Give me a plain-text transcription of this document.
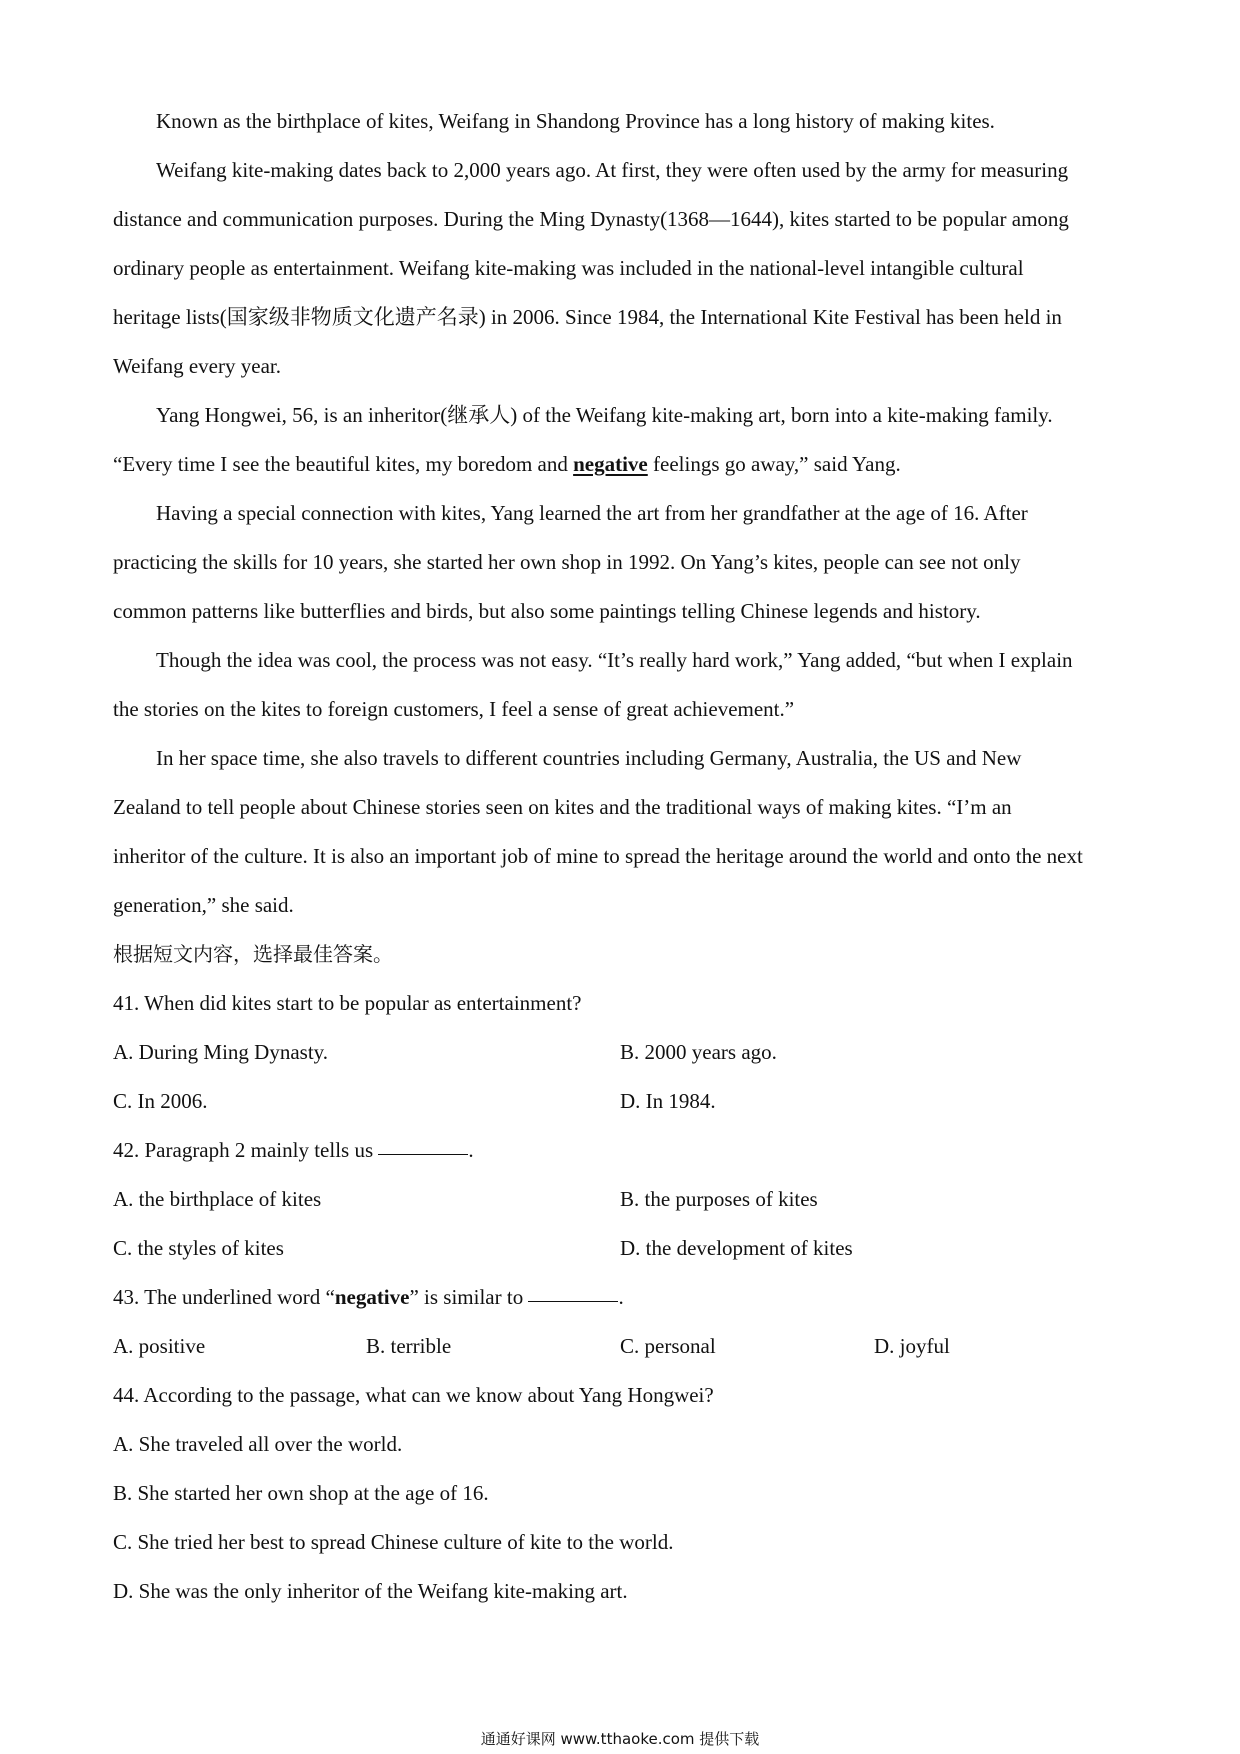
Known as the birthplace of kites, Weifang in Shandong Province has a long history of making kites.
Weifang kite-making dates back to 2,000 years ago. At first, they were often used by the army for measuring
distance and communication purposes. During the Ming Dynasty(1368—1644), kites started to be popular among
ordinary people as entertainment. Weifang kite-making was included in the national-level intangible cultural
heritage lists(国家级非物质文化遗产名录) in 2006. Since 1984, the International Kite Festival has been held in
Weifang every year.
Yang Hongwei, 56, is an inheritor(继承人) of the Weifang kite-making art, born into a kite-making family.
“Every time I see the beautiful kites, my boredom and negative feelings go away,” said Yang.
Having a special connection with kites, Yang learned the art from her grandfather at the age of 16. After
practicing the skills for 10 years, she started her own shop in 1992. On Yang’s kites, people can see not only
common patterns like butterflies and birds, but also some paintings telling Chinese legends and history.
Though the idea was cool, the process was not easy. “It’s really hard work,” Yang added, “but when I explain
the stories on the kites to foreign customers, I feel a sense of great achievement.”
In her space time, she also travels to different countries including Germany, Australia, the US and New
Zealand to tell people about Chinese stories seen on kites and the traditional ways of making kites. “I’m an
inheritor of the culture. It is also an important job of mine to spread the heritage around the world and onto the next
generation,” she said.
根据短文内容，选择最佳答案。
41. When did kites start to be popular as entertainment?
A. During Ming Dynasty.	B. 2000 years ago.
C. In 2006.	D. In 1984.
42. Paragraph 2 mainly tells us	.
A. the birthplace of kites	B. the purposes of kites
C. the styles of kites	D. the development of kites
43. The underlined word “negative” is similar to	.
A. positive	B. terrible	C. personal	D. joyful
44. According to the passage, what can we know about Yang Hongwei?
A. She traveled all over the world.
B. She started her own shop at the age of 16.
C. She tried her best to spread Chinese culture of kite to the world.
D. She was the only inheritor of the Weifang kite-making art.
通通好课网 www.tthaoke.com 提供下载
